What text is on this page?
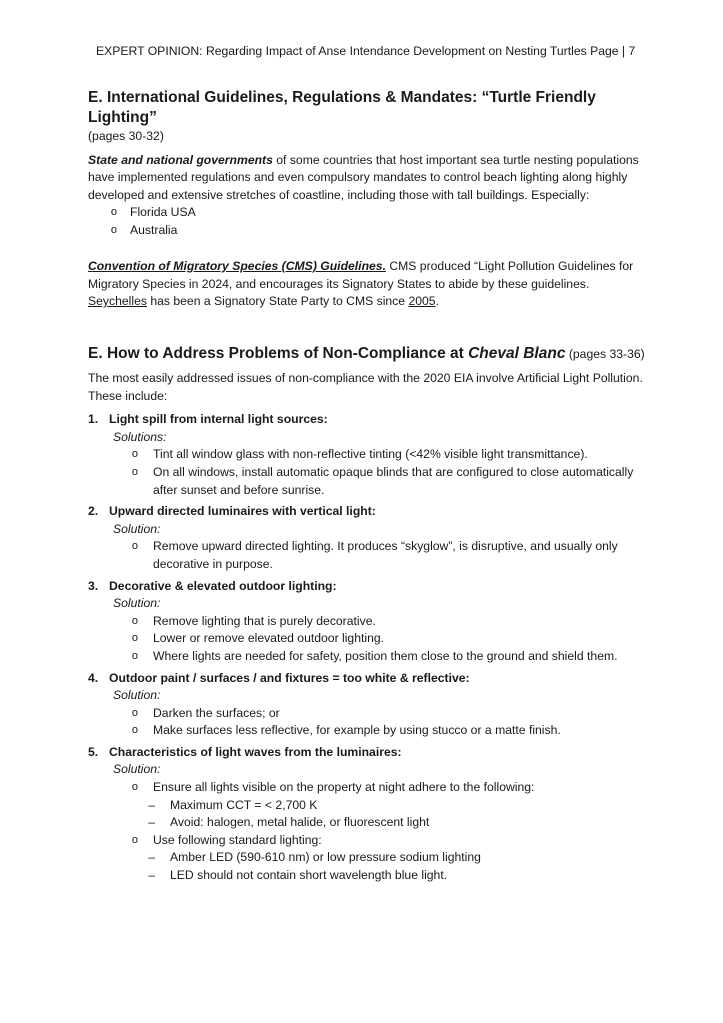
EXPERT OPINION: Regarding Impact of Anse Intendance Development on Nesting Turtles Page | 7
E. International Guidelines, Regulations & Mandates: “Turtle Friendly Lighting”

(pages 30-32)

State and national governments of some countries that host important sea turtle nesting populations have implemented regulations and even compulsory mandates to control beach lighting along highly developed and extensive stretches of coastline, including those with tall buildings. Especially:

o	Florida USA
o	Australia

Convention of Migratory Species (CMS) Guidelines. CMS produced “Light Pollution Guidelines for Migratory Species in 2024, and encourages its Signatory States to abide by these guidelines. Seychelles has been a Signatory State Party to CMS since 2005.

E. How to Address Problems of Non-Compliance at Cheval Blanc (pages 33-36)

The most easily addressed issues of non-compliance with the 2020 EIA involve Artificial Light Pollution. These include:

1. Light spill from internal light sources:
Solutions:
o	Tint all window glass with non-reflective tinting (<42% visible light transmittance).
o	On all windows, install automatic opaque blinds that are configured to close automatically after sunset and before sunrise.
2. Upward directed luminaires with vertical light:
Solution:
o	Remove upward directed lighting. It produces “skyglow”, is disruptive, and usually only decorative in purpose.
3. Decorative & elevated outdoor lighting:
Solution:
o	Remove lighting that is purely decorative.
o	Lower or remove elevated outdoor lighting.
o	Where lights are needed for safety, position them close to the ground and shield them.
4. Outdoor paint / surfaces / and fixtures = too white & reflective:
Solution:
o	Darken the surfaces; or
o	Make surfaces less reflective, for example by using stucco or a matte finish.
5. Characteristics of light waves from the luminaires:
Solution:
o	Ensure all lights visible on the property at night adhere to the following:
–	Maximum CCT = < 2,700 K
–	Avoid: halogen, metal halide, or fluorescent light
o	Use following standard lighting:
–	Amber LED (590-610 nm) or low pressure sodium lighting
–	LED should not contain short wavelength blue light.
